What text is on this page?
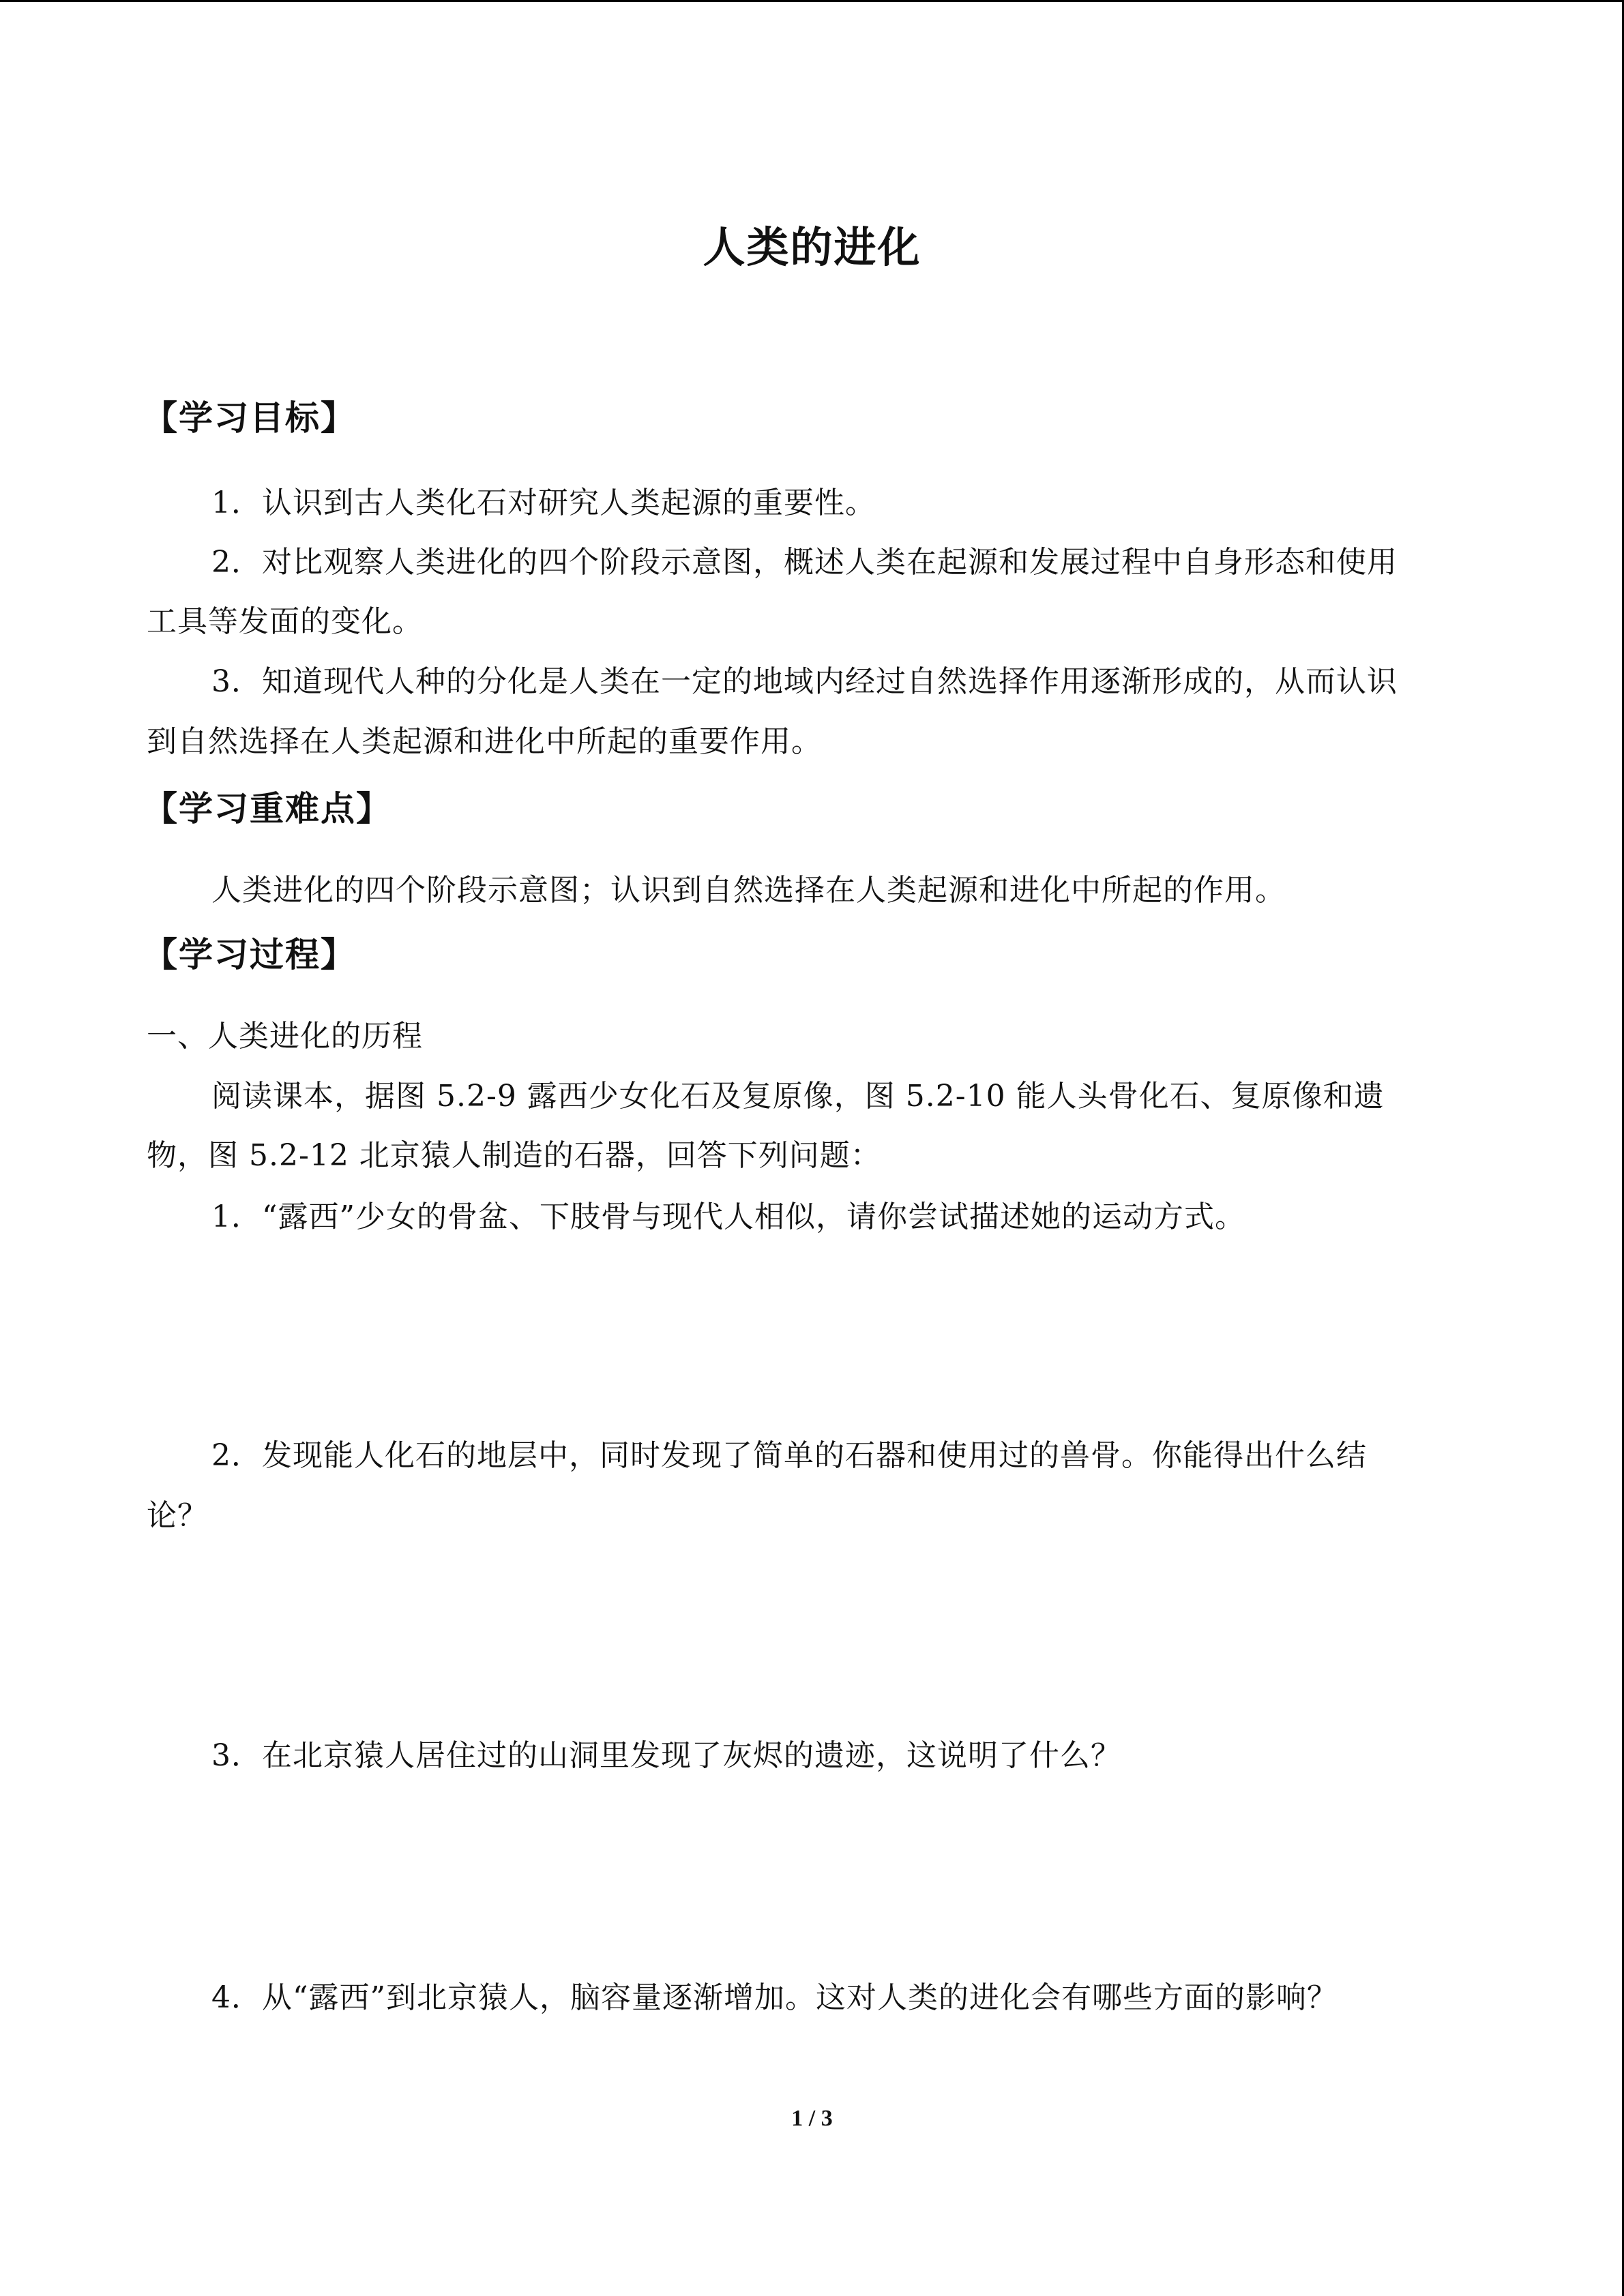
人类的进化
【学习目标】
1．认识到古人类化石对研究人类起源的重要性。
2．对比观察人类进化的四个阶段示意图，概述人类在起源和发展过程中自身形态和使用
工具等发面的变化。
3．知道现代人种的分化是人类在一定的地域内经过自然选择作用逐渐形成的，从而认识
到自然选择在人类起源和进化中所起的重要作用。
【学习重难点】
人类进化的四个阶段示意图；认识到自然选择在人类起源和进化中所起的作用。
【学习过程】
一、人类进化的历程
阅读课本，据图 5.2-9 露西少女化石及复原像，图 5.2-10 能人头骨化石、复原像和遗
物，图 5.2-12 北京猿人制造的石器，回答下列问题：
1．“露西”少女的骨盆、下肢骨与现代人相似，请你尝试描述她的运动方式。
2．发现能人化石的地层中，同时发现了简单的石器和使用过的兽骨。你能得出什么结
论？
3．在北京猿人居住过的山洞里发现了灰烬的遗迹，这说明了什么？
4．从“露西”到北京猿人，脑容量逐渐增加。这对人类的进化会有哪些方面的影响？
1 / 3
